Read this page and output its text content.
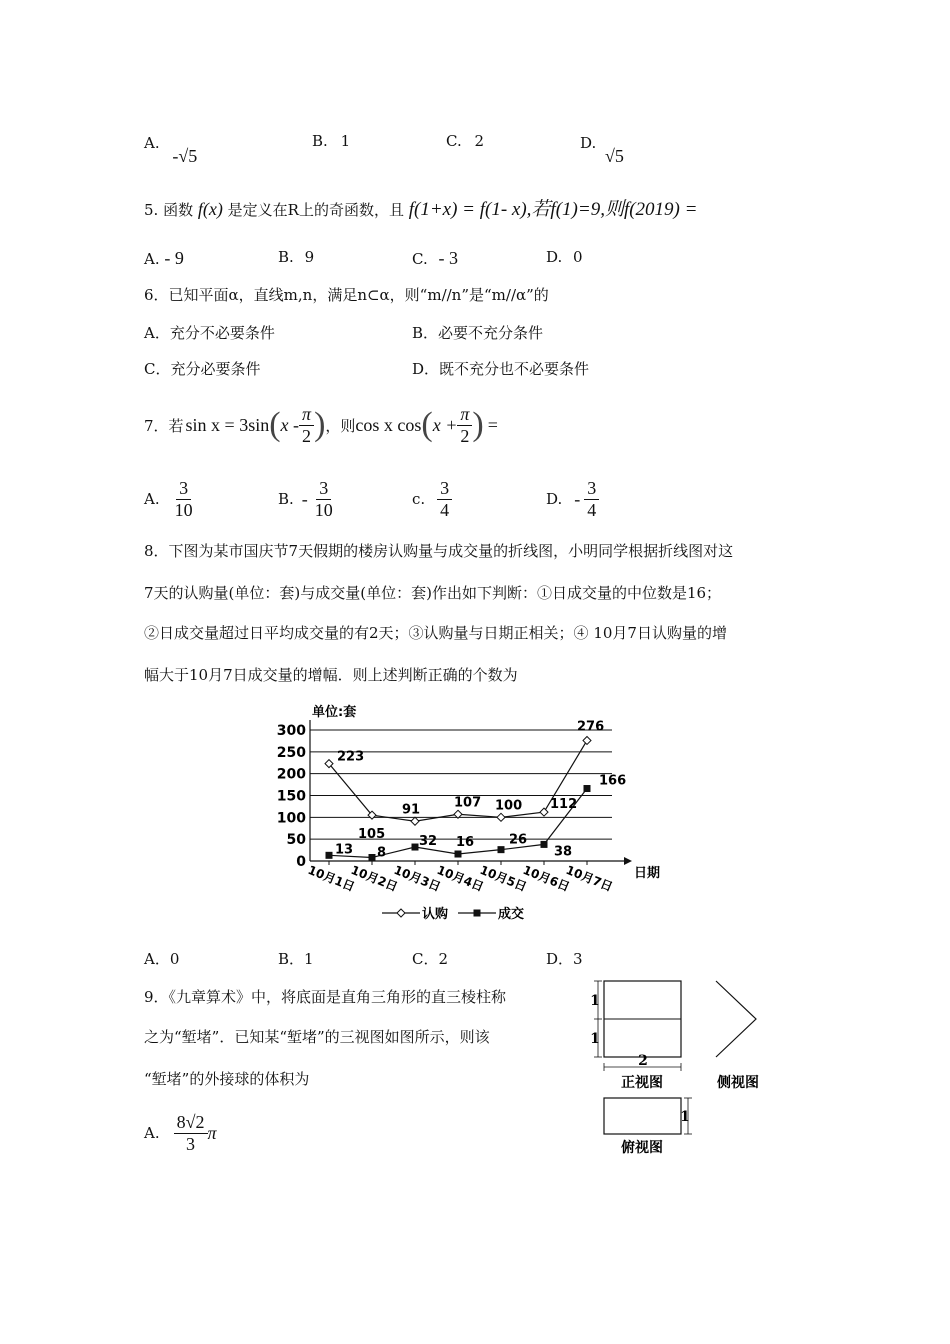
A. -√5
B. 1	C. 2	D. √5
5. 函数 f(x) 是定义在R上的奇函数，且 f(1+x) = f(1- x),若f(1)=9,则f(2019) =
A. - 9	B. 9	C. - 3	D. 0
6．已知平面α，直线m,n，满足n⊂α，则“m//n”是“m//α”的
A．充分不必要条件	B．必要不充分条件
C．充分必要条件	D．既不充分也不必要条件
7．若 sin x = 3sin ( x - $\frac{\pi}{2}$ ) ，则 cos x cos ( $x + \frac{\pi}{2}$ ) =
A. $\frac{3}{10}$	B. - $\frac{3}{10}$	c. $\frac{3}{4}$	D. - $\frac{3}{4}$
8．下图为某市国庆节7天假期的楼房认购量与成交量的折线图，小明同学根据折线图对这
7天的认购量(单位：套)与成交量(单位：套)作出如下判断：①日成交量的中位数是16；
②日成交量超过日平均成交量的有2天；③认购量与日期正相关；④ 10月7日认购量的增
幅大于10月7日成交量的增幅．则上述判断正确的个数为
0
50
100
150
200
250
300
单位:套
日期
10月1日
10月2日
10月3日
10月4日
10月5日
10月6日
10月7日
223
105
91	107 100 112
276
13 8
32 16	26
38
166
认购	成交
A．0	B．1	C．2	D．3
9．《九章算术》中，将底面是直角三角形的直三棱柱称
之为“堑堵”．已知某“堑堵”的三视图如图所示，则该
“堑堵”的外接球的体积为
A. $\frac{8√2}{3}$ π
1
1
2
正视图	侧视图
1
俯视图
